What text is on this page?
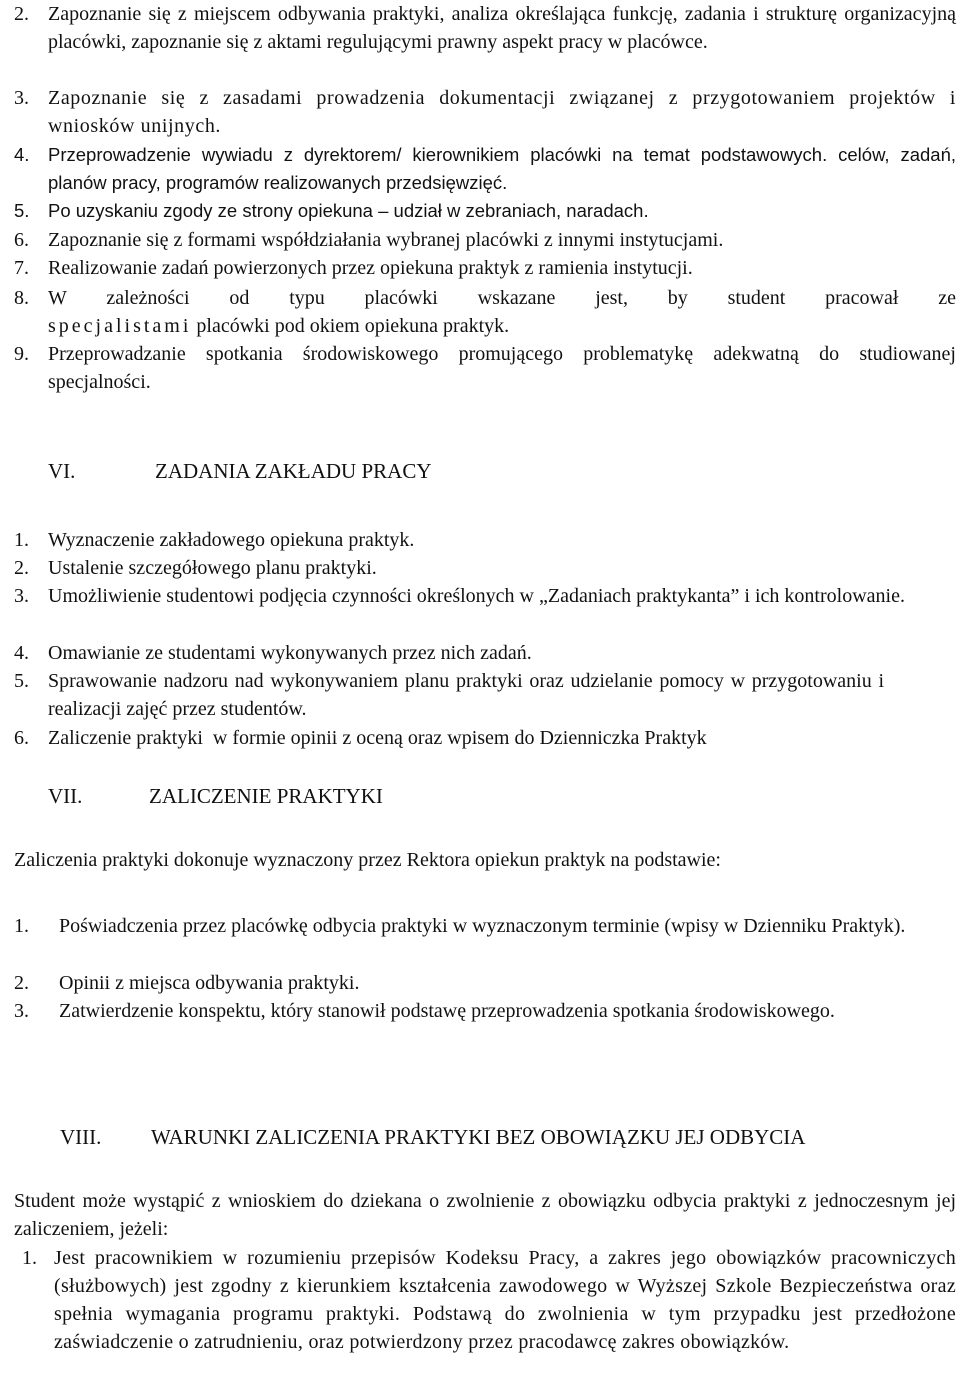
2. Zapoznanie się z miejscem odbywania praktyki, analiza określająca funkcję, zadania i strukturę organizacyjną placówki, zapoznanie się z aktami regulującymi prawny aspekt pracy w placówce.
3. Zapoznanie się z zasadami prowadzenia dokumentacji związanej z przygotowaniem projektów i wniosków unijnych.
4. Przeprowadzenie wywiadu z dyrektorem/ kierownikiem placówki na temat podstawowych. celów, zadań, planów pracy, programów realizowanych przedsięwzięć.
5. Po uzyskaniu zgody ze strony opiekuna – udział w zebraniach, naradach.
6. Zapoznanie się z formami współdziałania wybranej placówki z innymi instytucjami.
7. Realizowanie zadań powierzonych przez opiekuna praktyk z ramienia instytucji.
8. W zależności od typu placówki wskazane jest, by student pracował ze
specjalistami placówki pod okiem opiekuna praktyk.
9. Przeprowadzanie spotkania środowiskowego promującego problematykę adekwatną do studiowanej specjalności.
VI.	ZADANIA ZAKŁADU PRACY
1. Wyznaczenie zakładowego opiekuna praktyk.
2. Ustalenie szczegółowego planu praktyki.
3. Umożliwienie studentowi podjęcia czynności określonych w „Zadaniach praktykanta” i ich kontrolowanie.
4. Omawianie ze studentami wykonywanych przez nich zadań.
5. Sprawowanie nadzoru nad wykonywaniem planu praktyki oraz udzielanie pomocy w przygotowaniu i realizacji zajęć przez studentów.
6. Zaliczenie praktyki  w formie opinii z oceną oraz wpisem do Dzienniczka Praktyk
VII.	ZALICZENIE PRAKTYKI
Zaliczenia praktyki dokonuje wyznaczony przez Rektora opiekun praktyk na podstawie:
1. Poświadczenia przez placówkę odbycia praktyki w wyznaczonym terminie (wpisy w Dzienniku Praktyk).
2. Opinii z miejsca odbywania praktyki.
3. Zatwierdzenie konspektu, który stanowił podstawę przeprowadzenia spotkania środowiskowego.
VIII. WARUNKI ZALICZENIA PRAKTYKI BEZ OBOWIĄZKU JEJ ODBYCIA
Student może wystąpić z wnioskiem do dziekana o zwolnienie z obowiązku odbycia praktyki z jednoczesnym jej zaliczeniem, jeżeli:
1. Jest pracownikiem w rozumieniu przepisów Kodeksu Pracy, a zakres jego obowiązków pracowniczych (służbowych) jest zgodny z kierunkiem kształcenia zawodowego w Wyższej Szkole Bezpieczeństwa oraz spełnia wymagania programu praktyki. Podstawą do zwolnienia w tym przypadku jest przedłożone zaświadczenie o zatrudnieniu, oraz potwierdzony przez pracodawcę zakres obowiązków.
